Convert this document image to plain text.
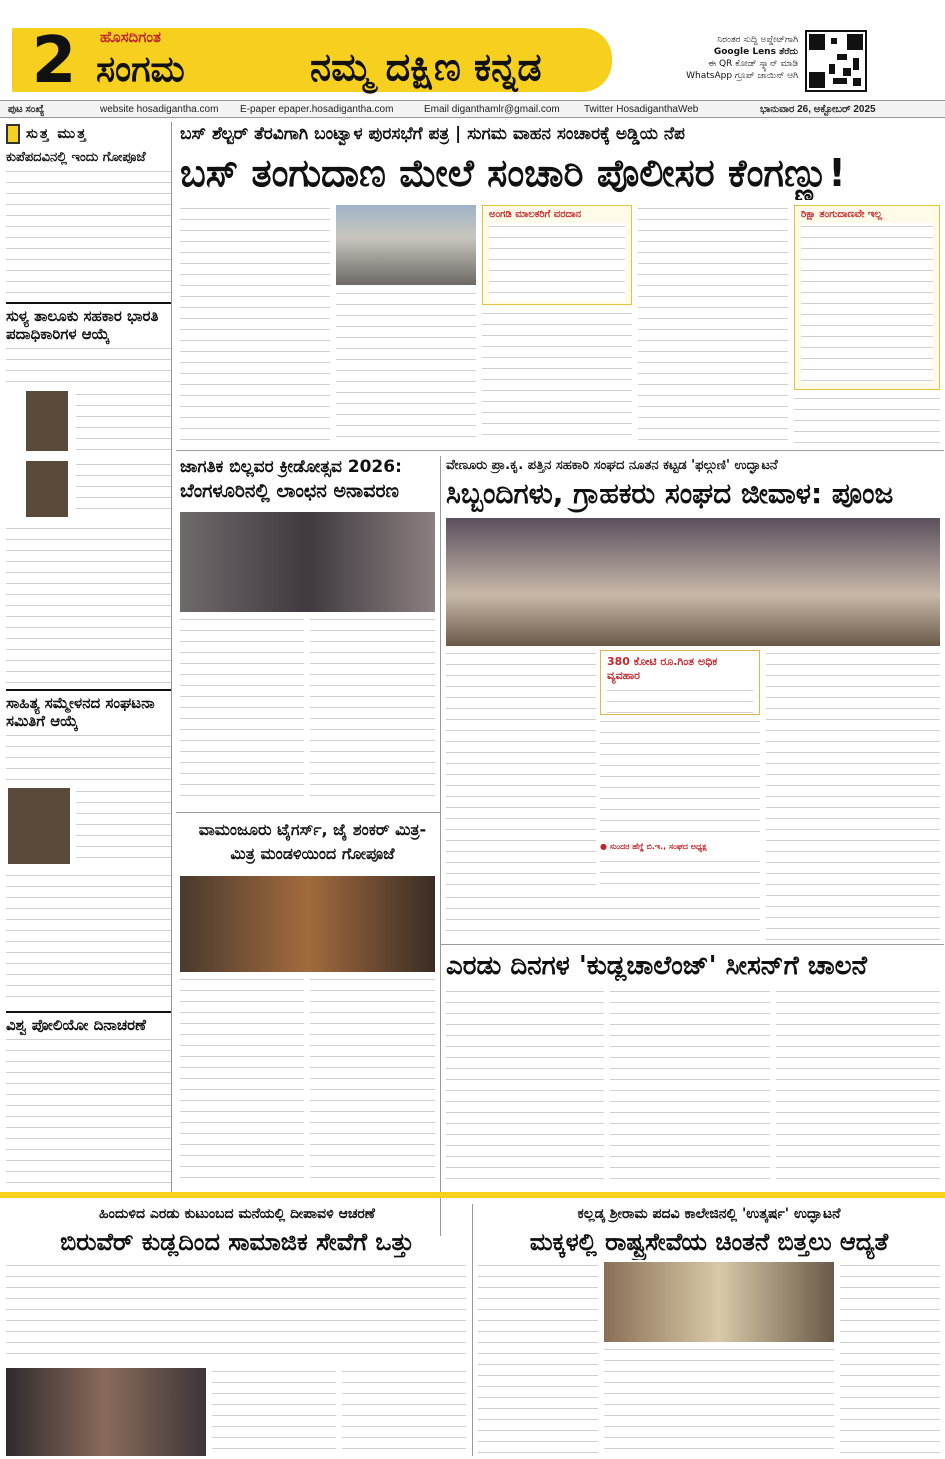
2	ಹೊಸದಿಗಂತ
ಸಂಗಮ	ನಮ್ಮ ದಕ್ಷಿಣ ಕನ್ನಡ
ನಿರಂತರ ಸುದ್ದಿ ಅಪ್ಡೇಟ್‌ಗಾಗಿ
Google Lens ತೆರೆದು
ಈ QR ಕೋಡ್ ಸ್ಕ್ಯಾನ್ ಮಾಡಿ
WhatsApp ಗ್ರೂಪ್ ಜಾಯಿನ್ ಆಗಿ
ಪುಟ ಸಂಖ್ಯೆ	website hosadigantha.com E-paper epaper.hosadigantha.com	Email diganthamlr@gmail.com Twitter HosadiganthaWeb	ಭಾನುವಾರ 26, ಅಕ್ಟೋಬರ್ 2025
ಸುತ್ತ ಮುತ್ತ
ಕುಪೆಪದವಿನಲ್ಲಿ ಇಂದು ಗೋಪೂಜೆ
ಸುಳ್ಯ ತಾಲೂಕು ಸಹಕಾರ ಭಾರತಿ ಪದಾಧಿಕಾರಿಗಳ ಆಯ್ಕೆ
ಸಾಹಿತ್ಯ ಸಮ್ಮೇಳನದ ಸಂಘಟನಾ ಸಮಿತಿಗೆ ಆಯ್ಕೆ
ವಿಶ್ವ ಪೋಲಿಯೋ ದಿನಾಚರಣೆ
ಬಸ್ ಶೆಲ್ಟರ್ ತೆರವಿಗಾಗಿ ಬಂಟ್ವಾಳ ಪುರಸಭೆಗೆ ಪತ್ರ | ಸುಗಮ ವಾಹನ ಸಂಚಾರಕ್ಕೆ ಅಡ್ಡಿಯ ನೆಪ
ಬಸ್ ತಂಗುದಾಣ ಮೇಲೆ ಸಂಚಾರಿ ಪೊಲೀಸರ ಕೆಂಗಣ್ಣು!
ಅಂಗಡಿ ಮಾಲಕರಿಗೆ ವರದಾನ	ರಿಕ್ಷಾ ತಂಗುದಾಣವೇ ಇಲ್ಲ
ಜಾಗತಿಕ ಬಿಲ್ಲವರ ಕ್ರೀಡೋತ್ಸವ 2026:
ಬೆಂಗಳೂರಿನಲ್ಲಿ ಲಾಂಛನ ಅನಾವರಣ
ವೇಣೂರು ಪ್ರಾ.ಕೃ. ಪತ್ತಿನ ಸಹಕಾರಿ ಸಂಘದ ನೂತನ ಕಟ್ಟಡ 'ಫಲ್ಗುಣಿ' ಉದ್ಘಾಟನೆ
ಸಿಬ್ಬಂದಿಗಳು, ಗ್ರಾಹಕರು ಸಂಘದ ಜೀವಾಳ: ಪೂಂಜ
380 ಕೋಟಿ ರೂ.ಗಿಂತ ಅಧಿಕ ವ್ಯವಹಾರ
● ಸುಂದರ ಹೆಗ್ಡೆ ಬಿ.ಇ., ಸಂಘದ ಅಧ್ಯಕ್ಷ
ವಾಮಂಜೂರು ಟೈಗರ್ಸ್, ಜೈ ಶಂಕರ್ ಮಿತ್ರ-ಮಿತ್ರ ಮಂಡಳಿಯಿಂದ ಗೋಪೂಜೆ
ಎರಡು ದಿನಗಳ 'ಕುಡ್ಲಚಾಲೆಂಜ್' ಸೀಸನ್‌ಗೆ ಚಾಲನೆ
ಹಿಂದುಳಿದ ಎರಡು ಕುಟುಂಬದ ಮನೆಯಲ್ಲಿ ದೀಪಾವಳಿ ಆಚರಣೆ
ಬಿರುವೆರ್ ಕುಡ್ಲದಿಂದ ಸಾಮಾಜಿಕ ಸೇವೆಗೆ ಒತ್ತು
ಕಲ್ಲಡ್ಕ ಶ್ರೀರಾಮ ಪದವಿ ಕಾಲೇಜಿನಲ್ಲಿ 'ಉತ್ಕರ್ಷ' ಉದ್ಘಾಟನೆ
ಮಕ್ಕಳಲ್ಲಿ ರಾಷ್ಟ್ರಸೇವೆಯ ಚಿಂತನೆ ಬಿತ್ತಲು ಆದ್ಯತೆ
